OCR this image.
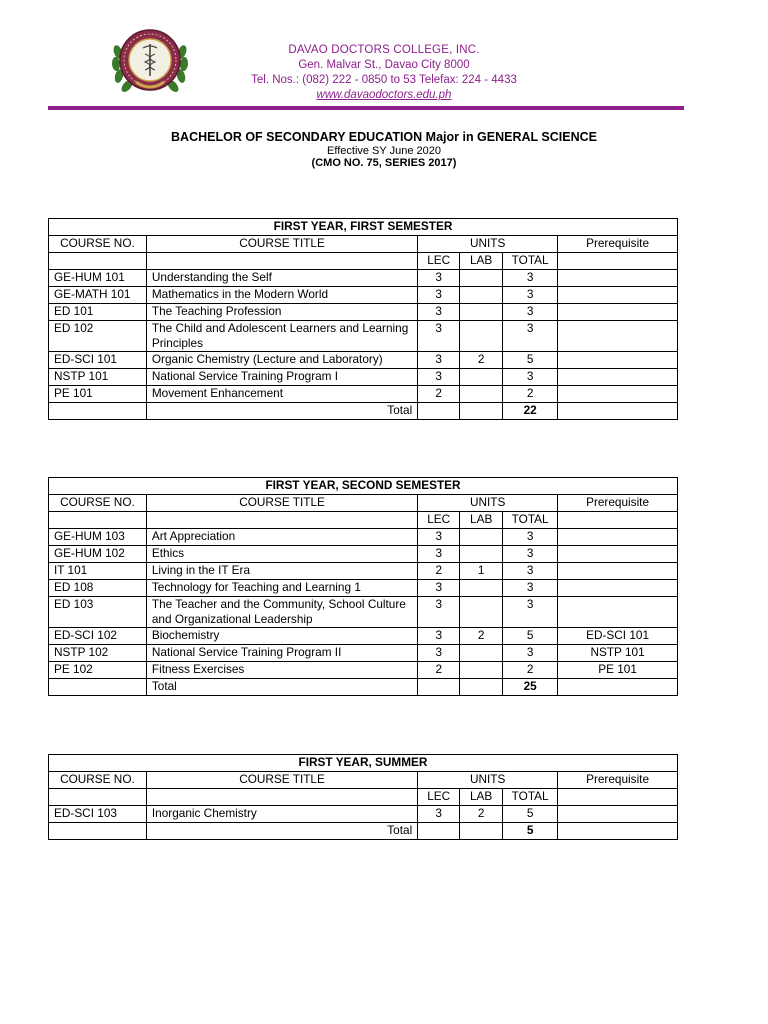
DAVAO DOCTORS COLLEGE, INC.
Gen. Malvar St., Davao City 8000
Tel. Nos.: (082) 222 - 0850 to 53 Telefax: 224 - 4433
www.davaodoctors.edu.ph
BACHELOR OF SECONDARY EDUCATION Major in GENERAL SCIENCE
Effective SY June 2020
(CMO NO. 75, SERIES 2017)
FIRST YEAR, FIRST SEMESTER					
COURSE NO.	COURSE TITLE	UNITS			Prerequisite
		LEC	LAB	TOTAL	
GE-HUM 101	Understanding the Self	3		3	
GE-MATH 101	Mathematics in the Modern World	3		3	
ED 101	The Teaching Profession	3		3	
ED 102	The Child and Adolescent Learners and Learning Principles	3		3	
ED-SCI 101	Organic Chemistry (Lecture and Laboratory)	3	2	5	
NSTP 101	National Service Training Program I	3		3	
PE 101	Movement Enhancement	2		2	
	Total			22	
FIRST YEAR, SECOND SEMESTER					
COURSE NO.	COURSE TITLE	UNITS			Prerequisite
		LEC	LAB	TOTAL	
GE-HUM 103	Art Appreciation	3		3	
GE-HUM 102	Ethics	3		3	
IT 101	Living in the IT Era	2	1	3	
ED 108	Technology for Teaching and Learning 1	3		3	
ED 103	The Teacher and the Community, School Culture and Organizational Leadership	3		3	
ED-SCI 102	Biochemistry	3	2	5	ED-SCI 101
NSTP 102	National Service Training Program II	3		3	NSTP 101
PE 102	Fitness Exercises	2		2	PE 101
	Total			25	
FIRST YEAR, SUMMER					
COURSE NO.	COURSE TITLE	UNITS			Prerequisite
		LEC	LAB	TOTAL	
ED-SCI 103	Inorganic Chemistry	3	2	5	
	Total			5	
